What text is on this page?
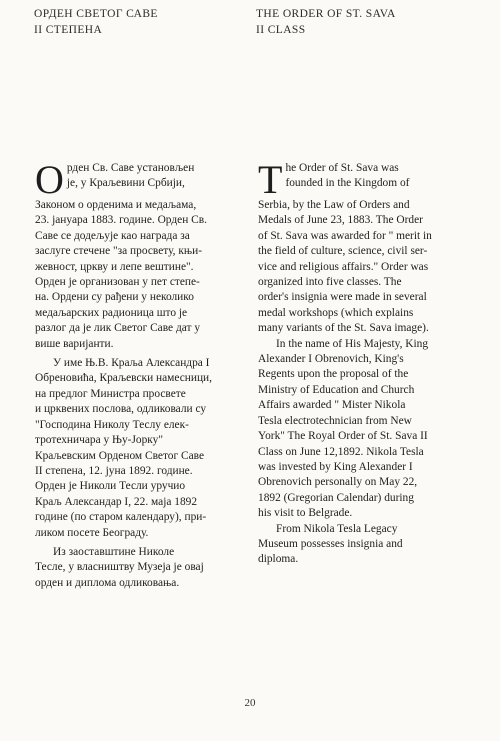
ОРДЕН СВЕТОГ САВЕ
II СТЕПЕНА
THE ORDER OF ST. SAVA
II CLASS
О рден Св. Саве установљен
је, у Краљевини Србији,
Законом о орденима и медаљама,
23. јануара 1883. године. Орден Св.
Саве се додељује као награда за
заслуге стечене "за просвету, књи-
жевност, цркву и лепе вештине".
Орден је организован у пет степе-
на. Ордени су рађени у неколико
медаљарских радионица што је
разлог да је лик Светог Саве дат у
више варијанти.
У име Њ.В. Краља Александра I
Обреновића, Краљевски намесници,
на предлог Министра просвете
и црквених послова, одликовали су
"Господина Николу Теслу елек-
тротехничара у Њу-Јорку"
Краљевским Орденом Светог Саве
II степена, 12. јуна 1892. године.
Орден је Николи Тесли уручио
Краљ Александар I, 22. маја 1892
године (по старом календару), при-
ликом посете Београду.
Из заоставштине Николе
Тесле, у власништву Музеја је овај
орден и диплома одликовања.
T he Order of St. Sava was
founded in the Kingdom of
Serbia, by the Law of Orders and
Medals of June 23, 1883. The Order
of St. Sava was awarded for " merit in
the field of culture, science, civil ser-
vice and religious affairs." Order was
organized into five classes. The
order's insignia were made in several
medal workshops (which explains
many variants of the St. Sava image).
In the name of His Majesty, King
Alexander I Obrenovich, King's
Regents upon the proposal of the
Ministry of Education and Church
Affairs awarded " Mister Nikola
Tesla electrotechnician from New
York" The Royal Order of St. Sava II
Class on June 12,1892. Nikola Tesla
was invested by King Alexander I
Obrenovich personally on May 22,
1892 (Gregorian Calendar) during
his visit to Belgrade.
From Nikola Tesla Legacy
Museum possesses insignia and
diploma.
20
